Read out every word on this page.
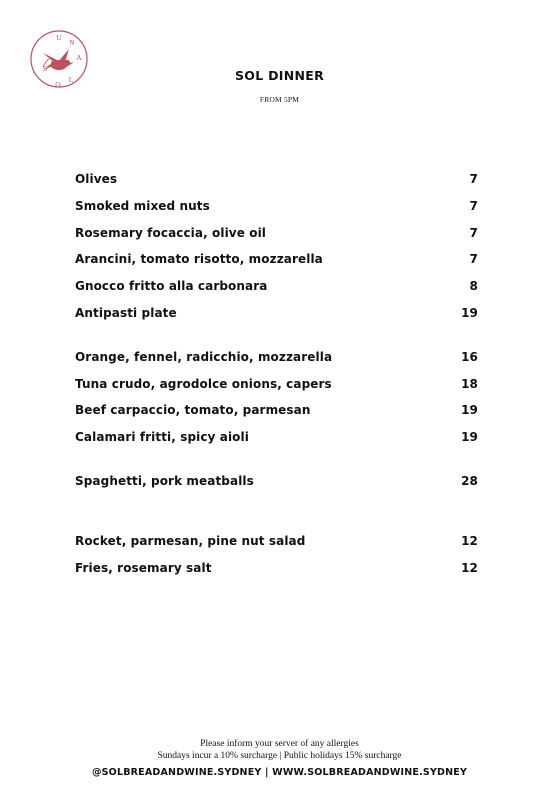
S
U
N
A
L
O
SOL DINNER
FROM 5PM
Olives	7
Smoked mixed nuts	7
Rosemary focaccia, olive oil	7
Arancini, tomato risotto, mozzarella	7
Gnocco fritto alla carbonara	8
Antipasti plate	19
Orange, fennel, radicchio, mozzarella	16
Tuna crudo, agrodolce onions, capers	18
Beef carpaccio, tomato, parmesan	19
Calamari fritti, spicy aioli	19
Spaghetti, pork meatballs	28
Rocket, parmesan, pine nut salad	12
Fries, rosemary salt	12
Please inform your server of any allergies
Sundays incur a 10% surcharge | Public holidays 15% surcharge
@SOLBREADANDWINE.SYDNEY | WWW.SOLBREADANDWINE.SYDNEY
